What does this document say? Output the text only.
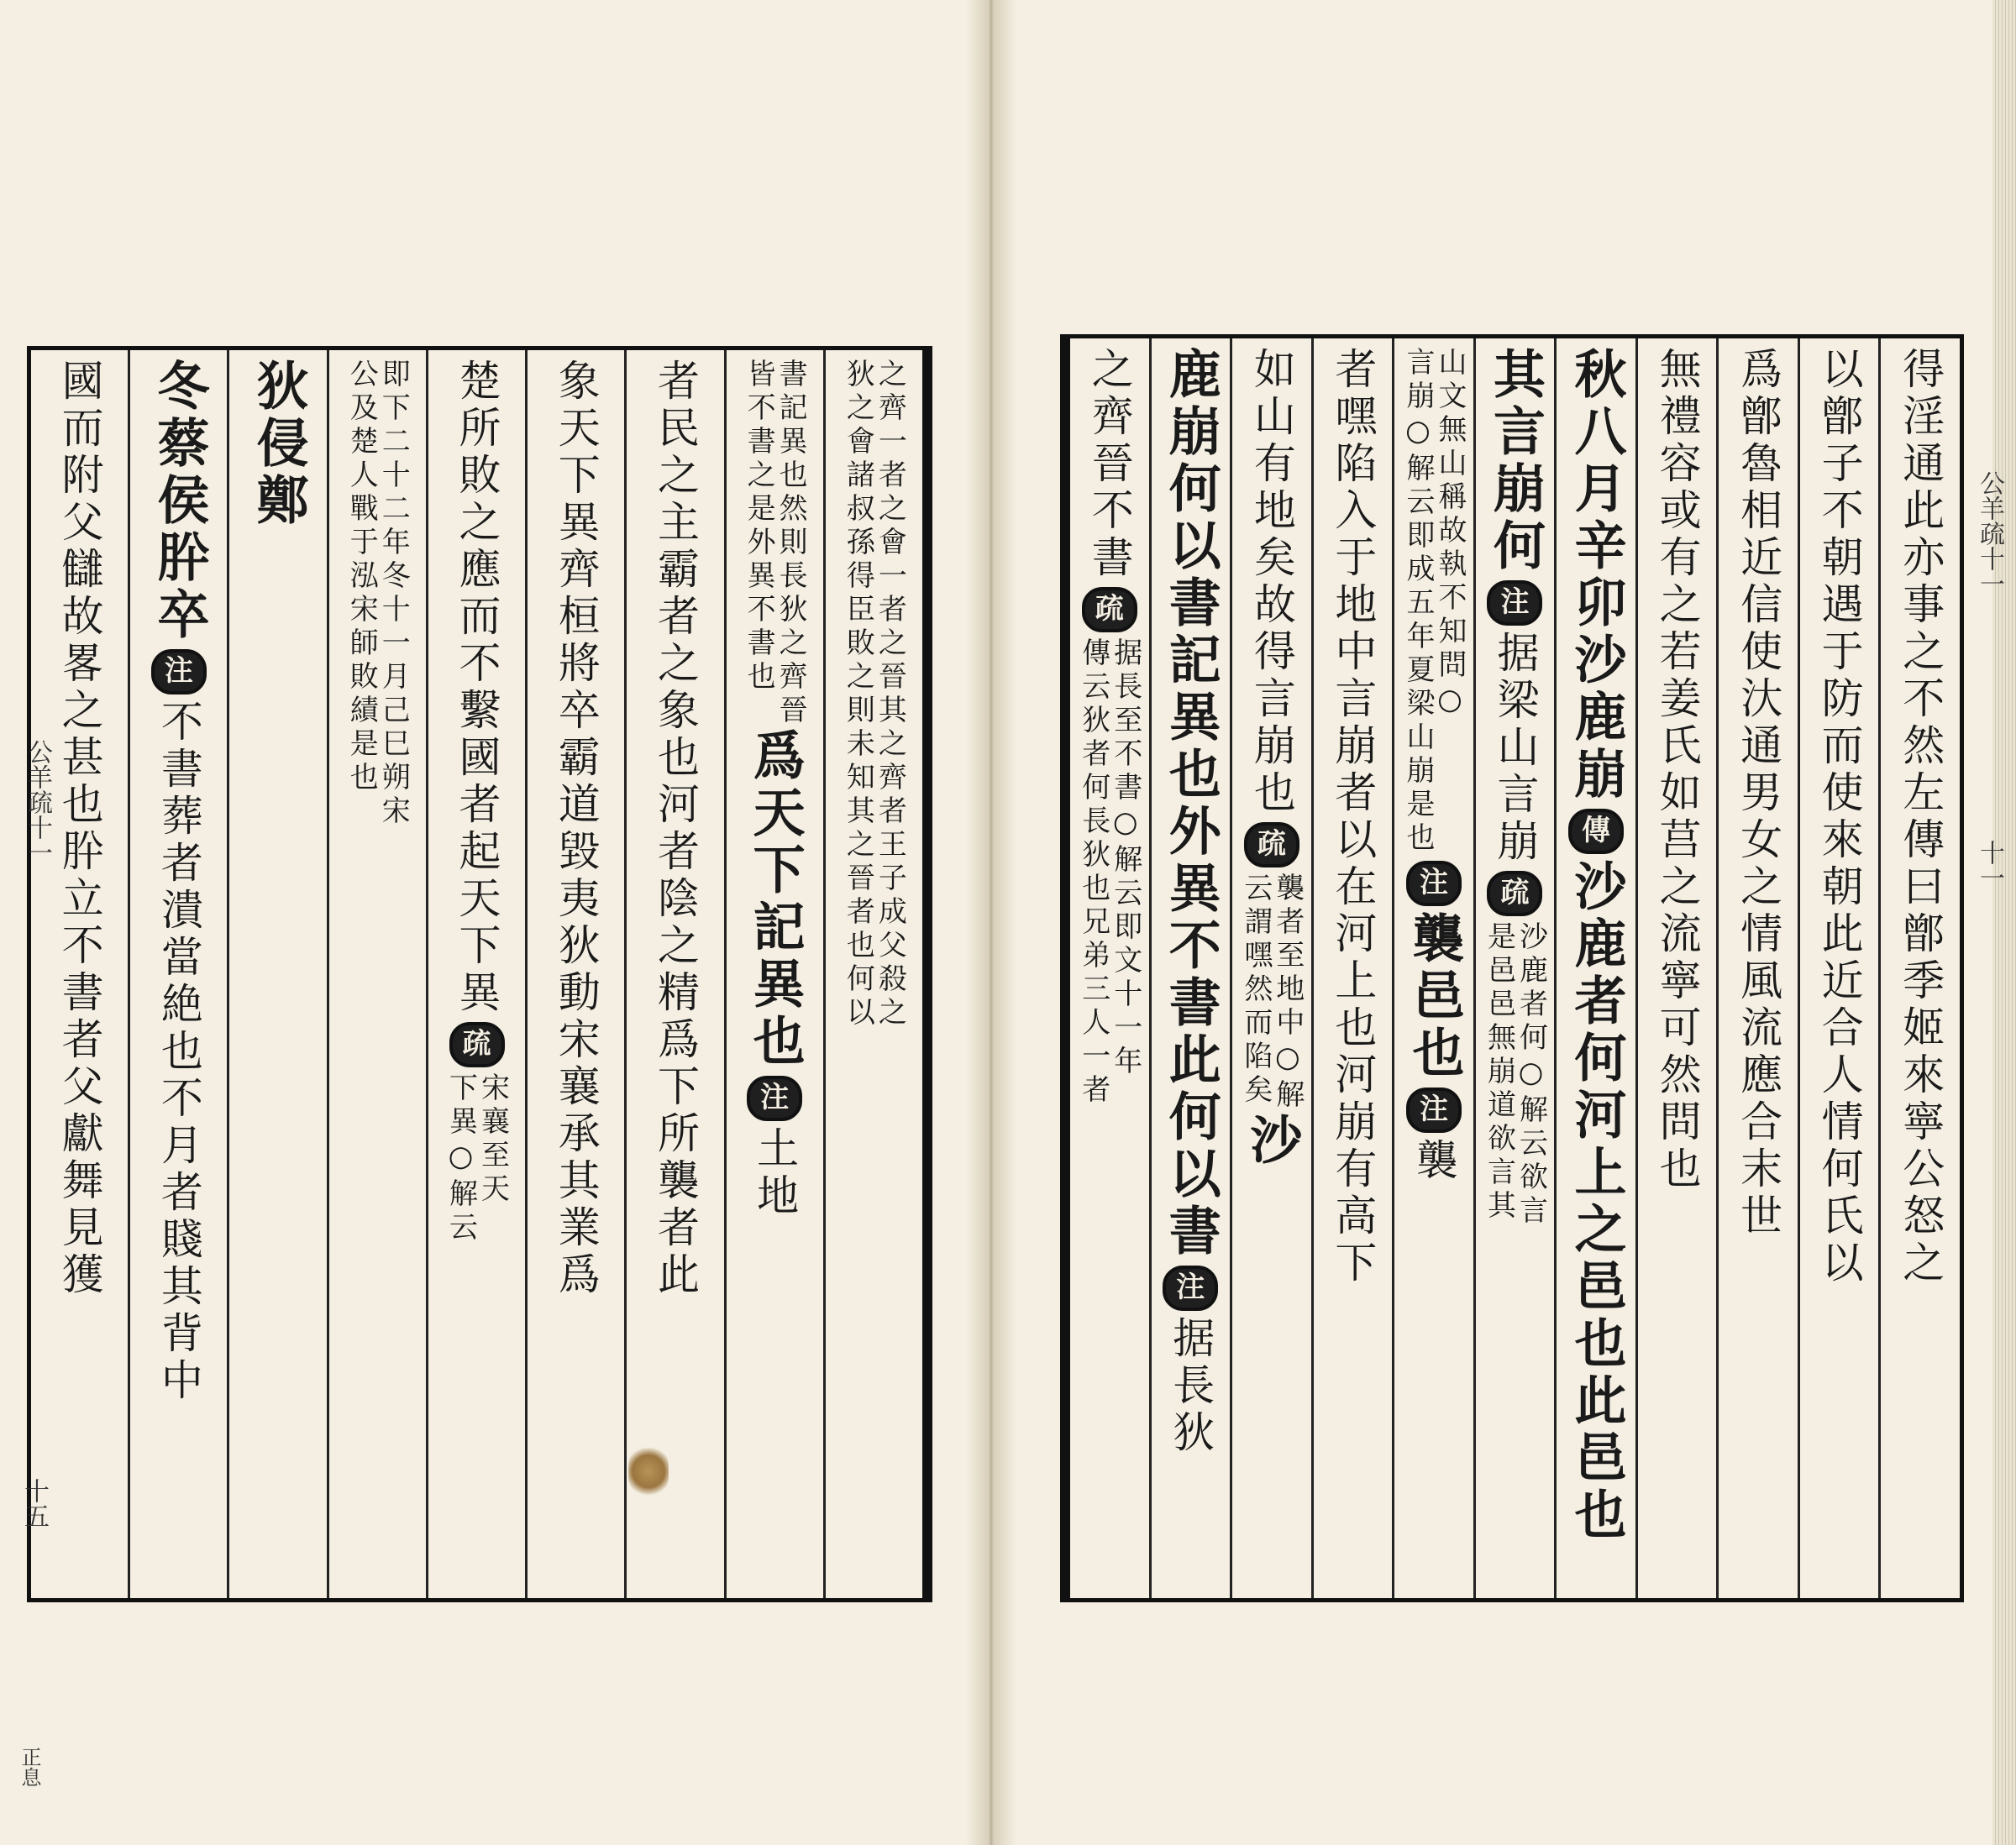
之齊一者之會一者之晉其之齊者王子成父殺之
狄之會諸叔孫得臣敗之則未知其之晉者也何以
書記異也然則長狄之齊晉
皆不書之是外異不書也
爲天下記異也
注
土地
者民之主霸者之象也河者陰之精爲下所襲者此
象天下異齊桓將卒霸道毀夷狄動宋襄承其業爲
楚所敗之應而不繫國者起天下異
疏
宋襄至天
下異○解云
即下二十二年冬十一月己巳朔宋
公及楚人戰于泓宋師敗績是也
狄侵鄭
冬蔡侯肸卒
注
不書葬者潰當絶也不月者賤其背中
國而附父讎故畧之甚也肸立不書者父獻舞見獲	得淫通此亦事之不然左傳曰鄫季姬來寧公怒之
以鄫子不朝遇于防而使來朝此近合人情何氏以
爲鄫魯相近信使汏通男女之情風流應合末世
無禮容或有之若姜氏如莒之流寧可然問也
秋八月辛卯沙鹿崩
傳
沙鹿者何河上之邑也此邑也
其言崩何
注
据梁山言崩
疏
沙鹿者何○解云欲言
是邑邑無崩道欲言其
山文無山稱故執不知問○
言崩○解云即成五年夏梁山崩是也
注
襲邑也
注
襲
者嘿陷入于地中言崩者以在河上也河崩有高下
如山有地矣故得言崩也
疏
襲者至地中○解
云謂嘿然而陷矣
沙
鹿崩何以書記異也外異不書此何以書
注
据長狄
之齊晉不書
疏
据長至不書○解云即文十一年
傳云狄者何長狄也兄弟三人一者
公羊疏十一
十五
正息
公羊疏十一
十一
